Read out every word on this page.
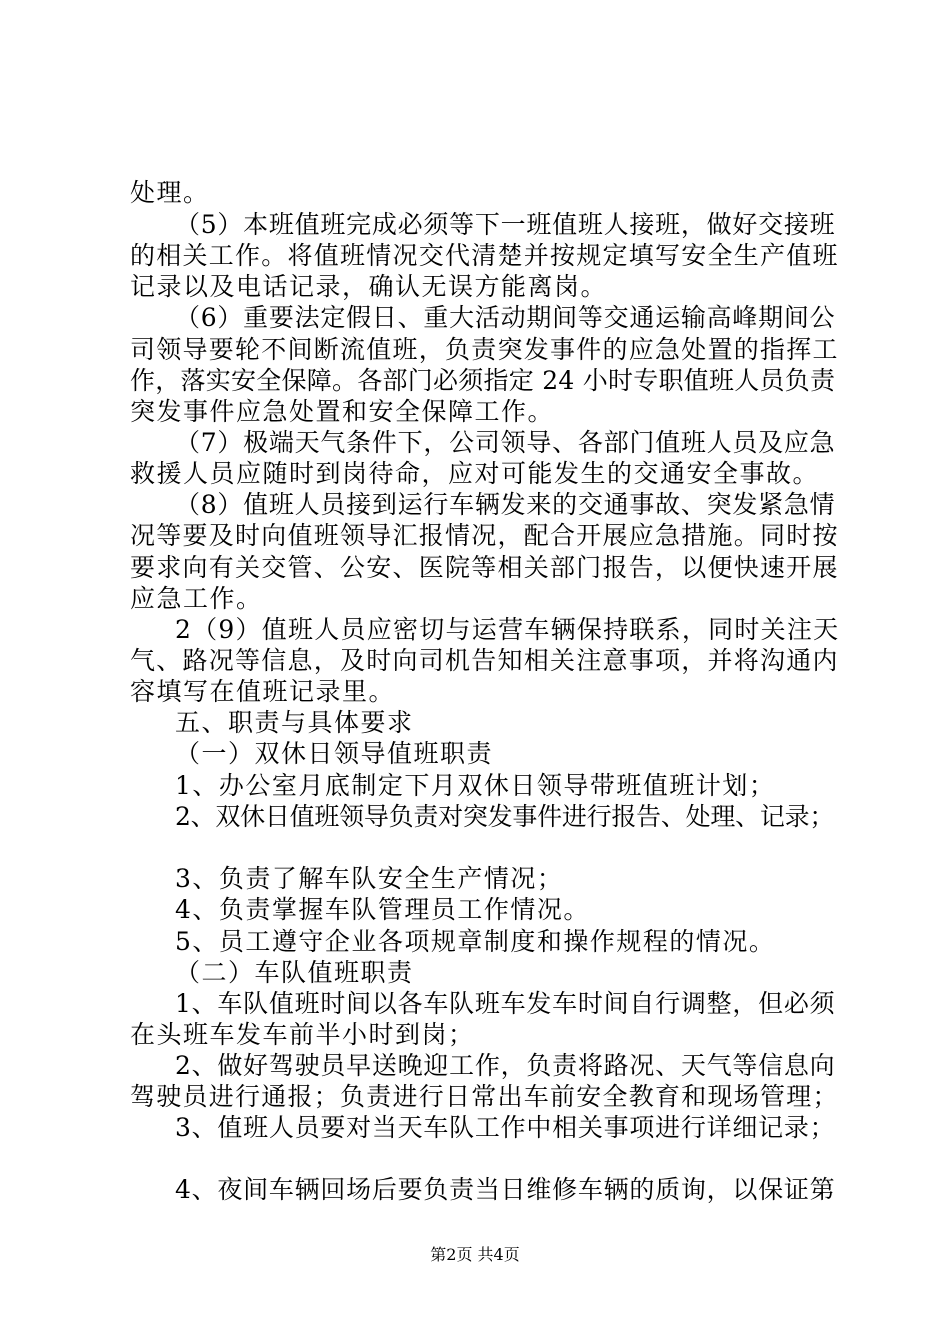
处理。
（5）本班值班完成必须等下一班值班人接班，做好交接班
的相关工作。将值班情况交代清楚并按规定填写安全生产值班
记录以及电话记录，确认无误方能离岗。
（6）重要法定假日、重大活动期间等交通运输高峰期间公
司领导要轮不间断流值班，负责突发事件的应急处置的指挥工
作，落实安全保障。各部门必须指定 24 小时专职值班人员负责
突发事件应急处置和安全保障工作。
（7）极端天气条件下，公司领导、各部门值班人员及应急
救援人员应随时到岗待命，应对可能发生的交通安全事故。
（8）值班人员接到运行车辆发来的交通事故、突发紧急情
况等要及时向值班领导汇报情况，配合开展应急措施。同时按
要求向有关交管、公安、医院等相关部门报告，以便快速开展
应急工作。
2（9）值班人员应密切与运营车辆保持联系，同时关注天
气、路况等信息，及时向司机告知相关注意事项，并将沟通内
容填写在值班记录里。
五、职责与具体要求
（一）双休日领导值班职责
1、办公室月底制定下月双休日领导带班值班计划；
2、双休日值班领导负责对突发事件进行报告、处理、记录；
3、负责了解车队安全生产情况；
4、负责掌握车队管理员工作情况。
5、员工遵守企业各项规章制度和操作规程的情况。
（二）车队值班职责
1、车队值班时间以各车队班车发车时间自行调整，但必须
在头班车发车前半小时到岗；
2、做好驾驶员早送晚迎工作，负责将路况、天气等信息向
驾驶员进行通报；负责进行日常出车前安全教育和现场管理；
3、值班人员要对当天车队工作中相关事项进行详细记录；
4、夜间车辆回场后要负责当日维修车辆的质询，以保证第
第2页 共4页
